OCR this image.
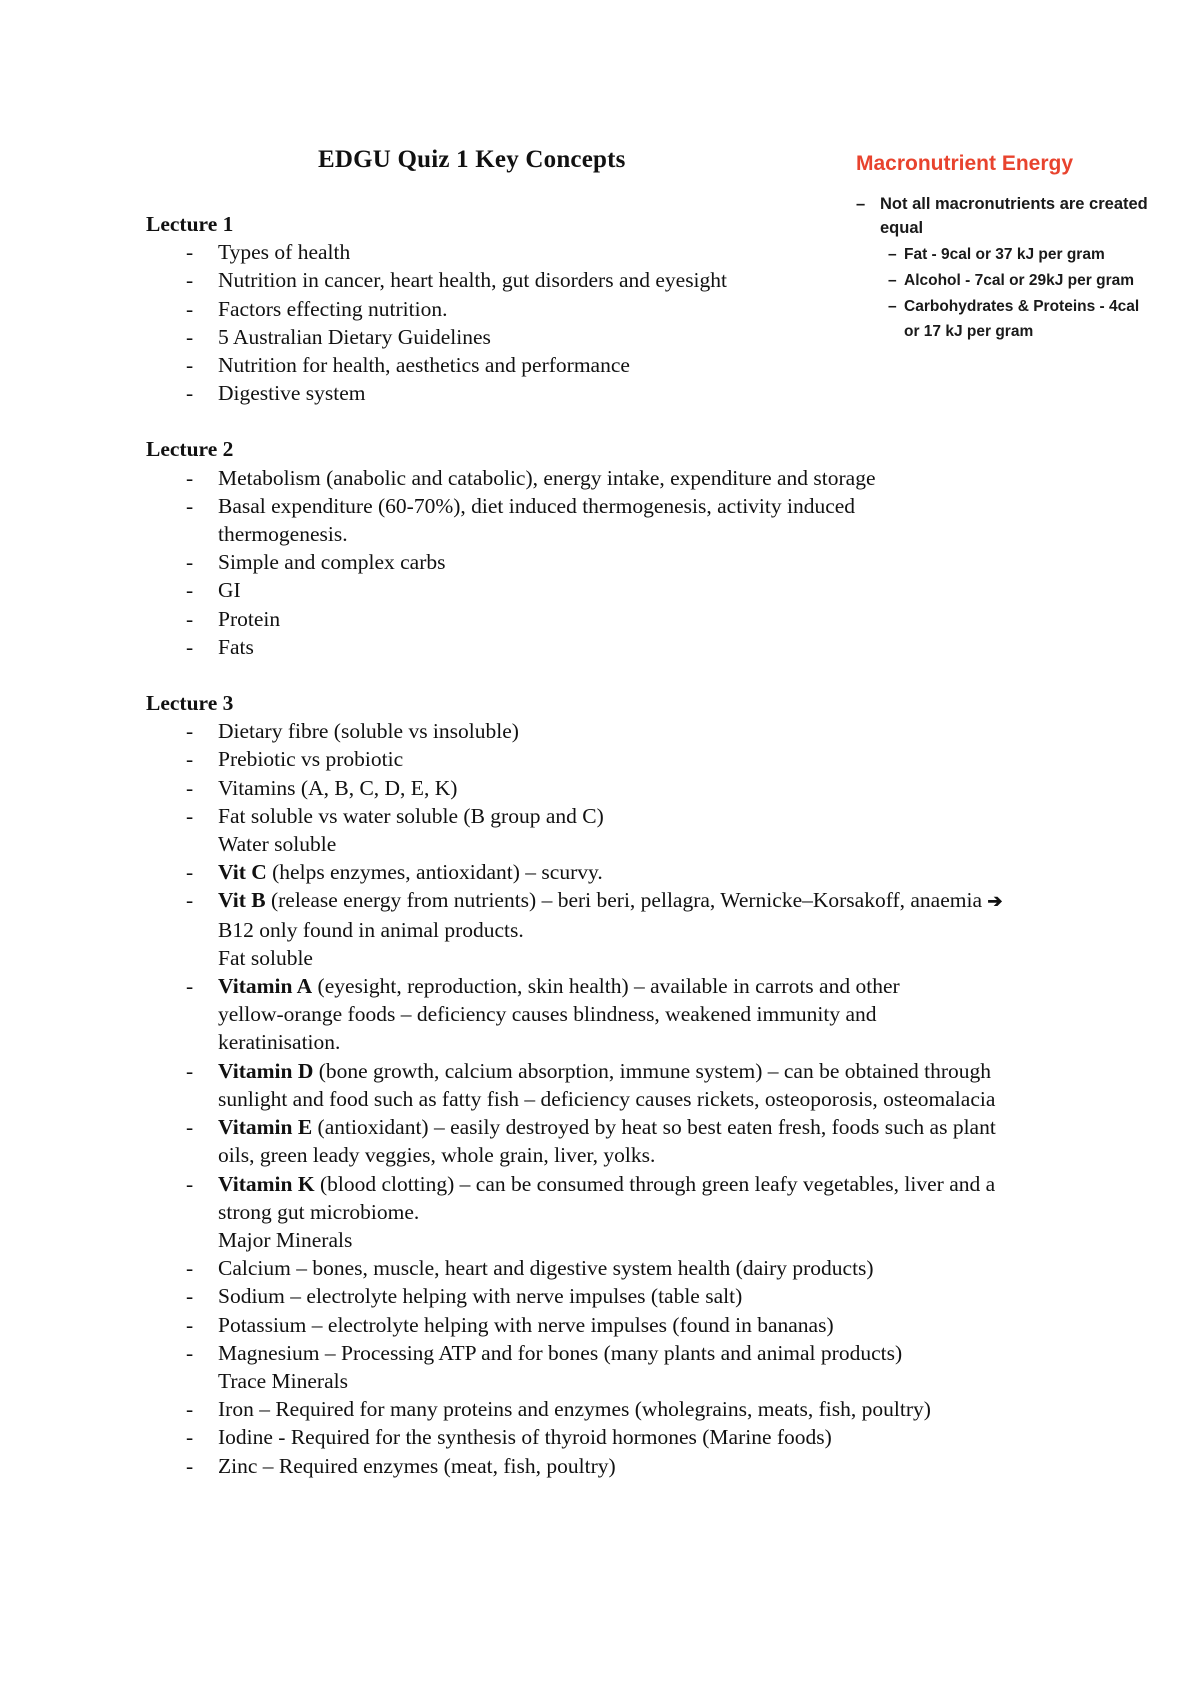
EDGU Quiz 1 Key Concepts	Macronutrient Energy
– Not all macronutrients are created equal
– Fat - 9cal or 37 kJ per gram
– Alcohol - 7cal or 29kJ per gram
– Carbohydrates & Proteins - 4cal or 17 kJ per gram
Lecture 1
- Types of health
- Nutrition in cancer, heart health, gut disorders and eyesight
- Factors effecting nutrition.
- 5 Australian Dietary Guidelines
- Nutrition for health, aesthetics and performance
- Digestive system
Lecture 2
- Metabolism (anabolic and catabolic), energy intake, expenditure and storage
- Basal expenditure (60-70%), diet induced thermogenesis, activity induced thermogenesis.
- Simple and complex carbs
- GI
- Protein
- Fats
Lecture 3
- Dietary fibre (soluble vs insoluble)
- Prebiotic vs probiotic
- Vitamins (A, B, C, D, E, K)
- Fat soluble vs water soluble (B group and C)
Water soluble
- Vit C (helps enzymes, antioxidant) – scurvy.
- Vit B (release energy from nutrients) – beri beri, pellagra, Wernicke–Korsakoff, anaemia ➔ B12 only found in animal products.
Fat soluble
- Vitamin A (eyesight, reproduction, skin health) – available in carrots and other yellow-orange foods – deficiency causes blindness, weakened immunity and keratinisation.
- Vitamin D (bone growth, calcium absorption, immune system) – can be obtained through sunlight and food such as fatty fish – deficiency causes rickets, osteoporosis, osteomalacia
- Vitamin E (antioxidant) – easily destroyed by heat so best eaten fresh, foods such as plant oils, green leady veggies, whole grain, liver, yolks.
- Vitamin K (blood clotting) – can be consumed through green leafy vegetables, liver and a strong gut microbiome.
Major Minerals
- Calcium – bones, muscle, heart and digestive system health (dairy products)
- Sodium – electrolyte helping with nerve impulses (table salt)
- Potassium – electrolyte helping with nerve impulses (found in bananas)
- Magnesium – Processing ATP and for bones (many plants and animal products)
Trace Minerals
- Iron – Required for many proteins and enzymes (wholegrains, meats, fish, poultry)
- Iodine - Required for the synthesis of thyroid hormones (Marine foods)
- Zinc – Required enzymes (meat, fish, poultry)
